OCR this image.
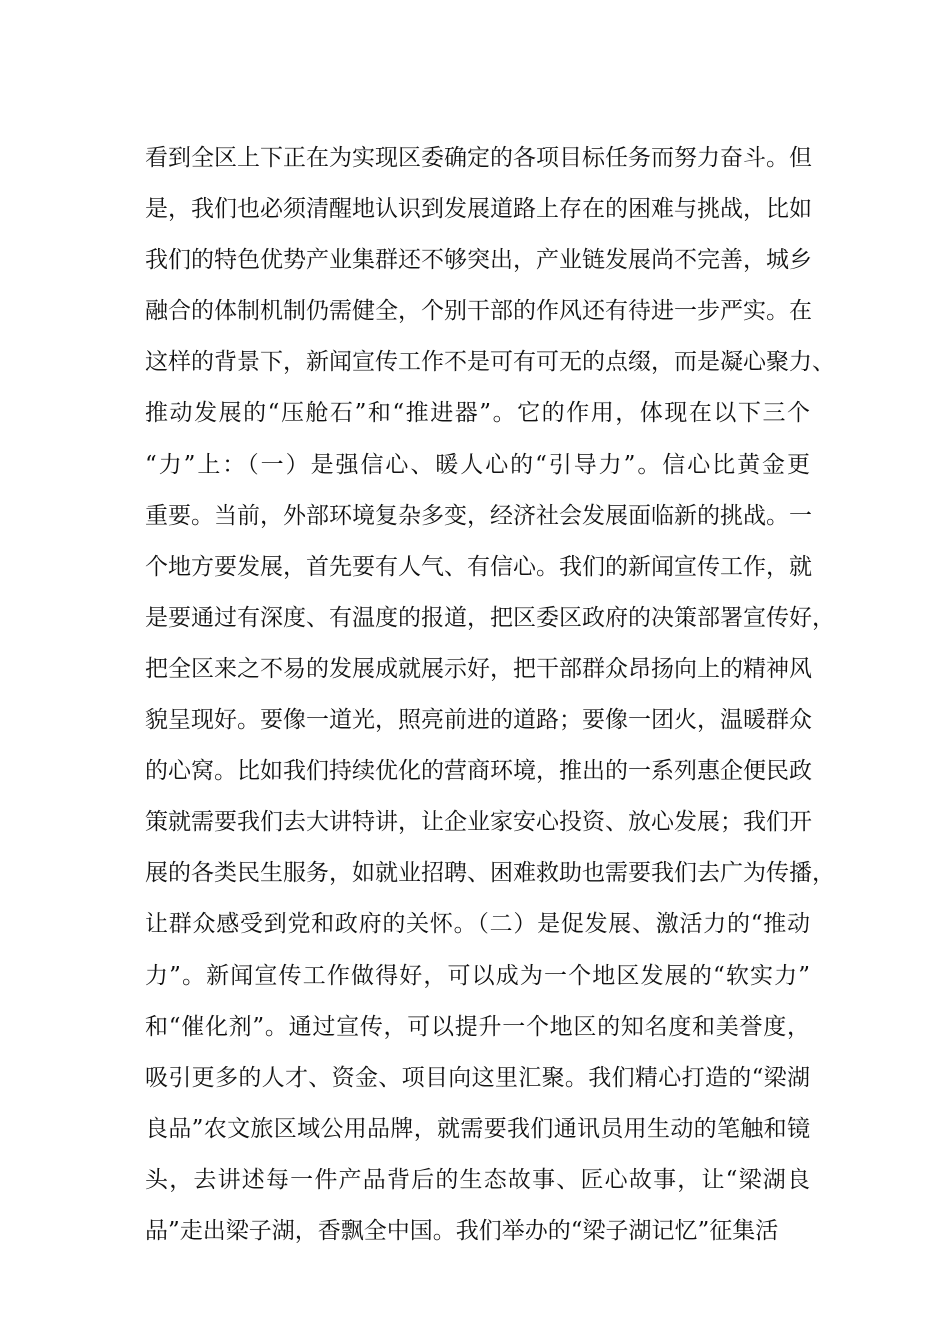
看到全区上下正在为实现区委确定的各项目标任务而努力奋斗。但
是，我们也必须清醒地认识到发展道路上存在的困难与挑战，比如
我们的特色优势产业集群还不够突出，产业链发展尚不完善，城乡
融合的体制机制仍需健全，个别干部的作风还有待进一步严实。在
这样的背景下，新闻宣传工作不是可有可无的点缀，而是凝心聚力、
推动发展的“压舱石”和“推进器”。它的作用，体现在以下三个
“力”上：（一）是强信心、暖人心的“引导力”。信心比黄金更
重要。当前，外部环境复杂多变，经济社会发展面临新的挑战。一
个地方要发展，首先要有人气、有信心。我们的新闻宣传工作，就
是要通过有深度、有温度的报道，把区委区政府的决策部署宣传好，
把全区来之不易的发展成就展示好，把干部群众昂扬向上的精神风
貌呈现好。要像一道光，照亮前进的道路；要像一团火，温暖群众
的心窝。比如我们持续优化的营商环境，推出的一系列惠企便民政
策就需要我们去大讲特讲，让企业家安心投资、放心发展；我们开
展的各类民生服务，如就业招聘、困难救助也需要我们去广为传播，
让群众感受到党和政府的关怀。（二）是促发展、激活力的“推动
力”。新闻宣传工作做得好，可以成为一个地区发展的“软实力”
和“催化剂”。通过宣传，可以提升一个地区的知名度和美誉度，
吸引更多的人才、资金、项目向这里汇聚。我们精心打造的“梁湖
良品”农文旅区域公用品牌，就需要我们通讯员用生动的笔触和镜
头，去讲述每一件产品背后的生态故事、匠心故事，让“梁湖良
品”走出梁子湖，香飘全中国。我们举办的“梁子湖记忆”征集活
